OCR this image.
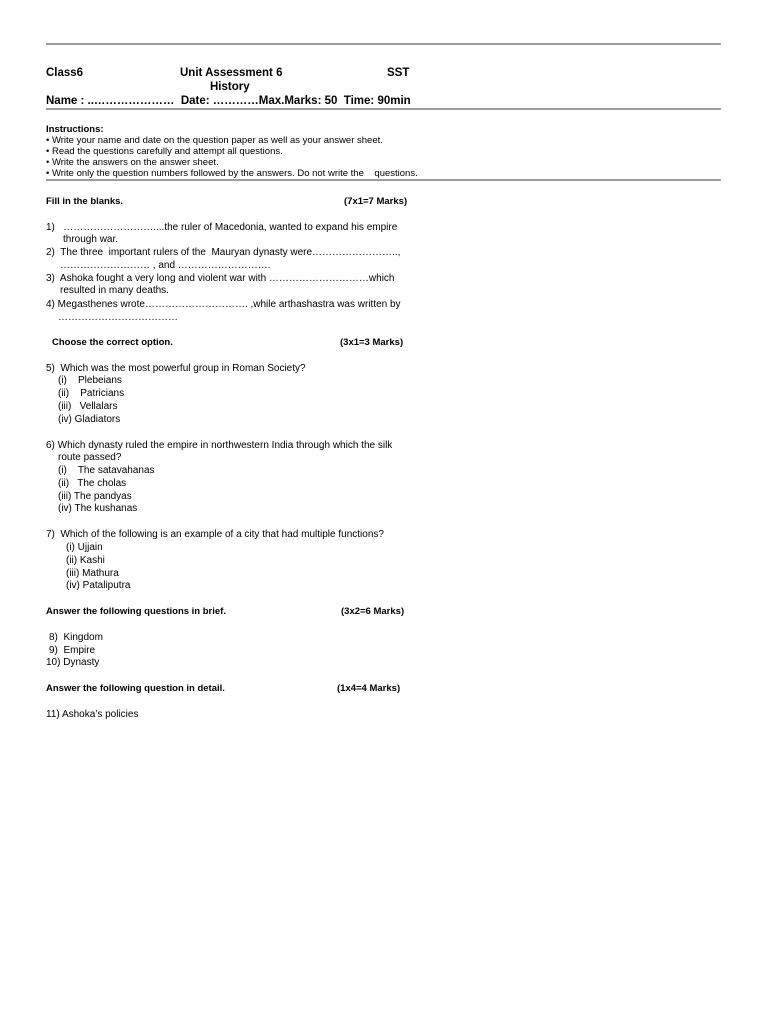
Class6	Unit Assessment 6	SST
History
Name : ..…………………  Date: …………Max.Marks: 50  Time: 90min
Instructions:
• Write your name and date on the question paper as well as your answer sheet.
• Read the questions carefully and attempt all questions.
• Write the answers on the answer sheet.
• Write only the question numbers followed by the answers. Do not write the    questions.
Fill in the blanks.	(7x1=7 Marks)
1)   ………………………....the ruler of Macedonia, wanted to expand his empire
through war.
2)  The three  important rulers of the  Mauryan dynasty were……………………..,
……………………… , and ……………………….
3)  Ashoka fought a very long and violent war with …………………………which
resulted in many deaths.
4) Megasthenes wrote…………………………. ,while arthashastra was written by
………………………………
Choose the correct option.	(3x1=3 Marks)
5)  Which was the most powerful group in Roman Society?
(i)    Plebeians
(ii)    Patricians
(iii)   Vellalars
(iv) Gladiators
6) Which dynasty ruled the empire in northwestern India through which the silk
route passed?
(i)    The satavahanas
(ii)   The cholas
(iii) The pandyas
(iv) The kushanas
7)  Which of the following is an example of a city that had multiple functions?
(i) Ujjain
(ii) Kashi
(iii) Mathura
(iv) Pataliputra
Answer the following questions in brief.	(3x2=6 Marks)
8)  Kingdom
9)  Empire
10) Dynasty
Answer the following question in detail.	(1x4=4 Marks)
11) Ashoka’s policies
